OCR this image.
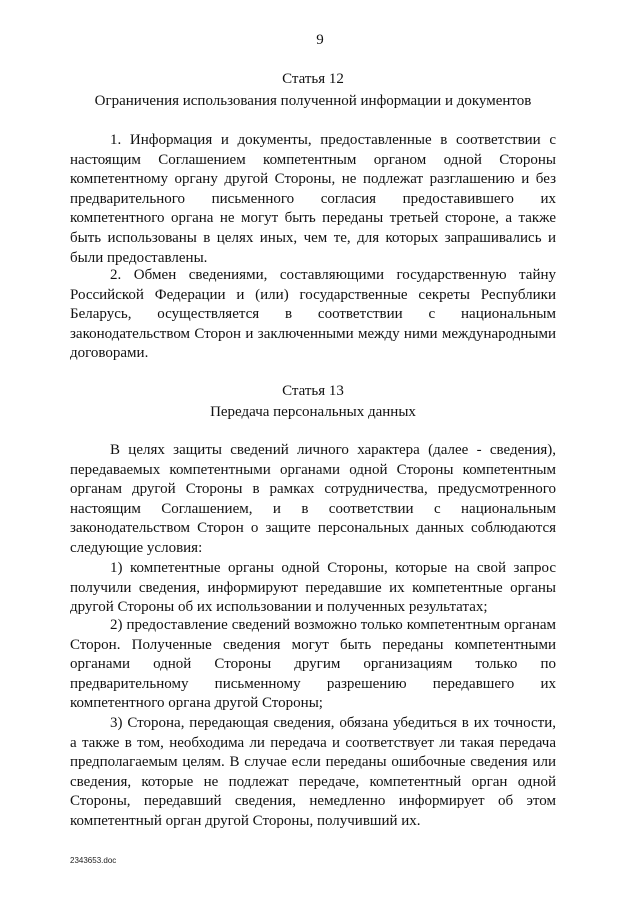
9
Статья 12
Ограничения использования полученной информации и документов

1. Информация и документы, предоставленные в соответствии с настоящим Соглашением компетентным органом одной Стороны компетентному органу другой Стороны, не подлежат разглашению и без предварительного письменного согласия предоставившего их компетентного органа не могут быть переданы третьей стороне, а также быть использованы в целях иных, чем те, для которых запрашивались и были предоставлены.

2. Обмен сведениями, составляющими государственную тайну Российской Федерации и (или) государственные секреты Республики Беларусь, осуществляется в соответствии с национальным законодательством Сторон и заключенными между ними международными договорами.

Статья 13
Передача персональных данных

В целях защиты сведений личного характера (далее - сведения), передаваемых компетентными органами одной Стороны компетентным органам другой Стороны в рамках сотрудничества, предусмотренного настоящим Соглашением, и в соответствии с национальным законодательством Сторон о защите персональных данных соблюдаются следующие условия:

1) компетентные органы одной Стороны, которые на свой запрос получили сведения, информируют передавшие их компетентные органы другой Стороны об их использовании и полученных результатах;

2) предоставление сведений возможно только компетентным органам Сторон. Полученные сведения могут быть переданы компетентными органами одной Стороны другим организациям только по предварительному письменному разрешению передавшего их компетентного органа другой Стороны;

3) Сторона, передающая сведения, обязана убедиться в их точности, а также в том, необходима ли передача и соответствует ли такая передача предполагаемым целям. В случае если переданы ошибочные сведения или сведения, которые не подлежат передаче, компетентный орган одной Стороны, передавший сведения, немедленно информирует об этом компетентный орган другой Стороны, получивший их.

2343653.doc
